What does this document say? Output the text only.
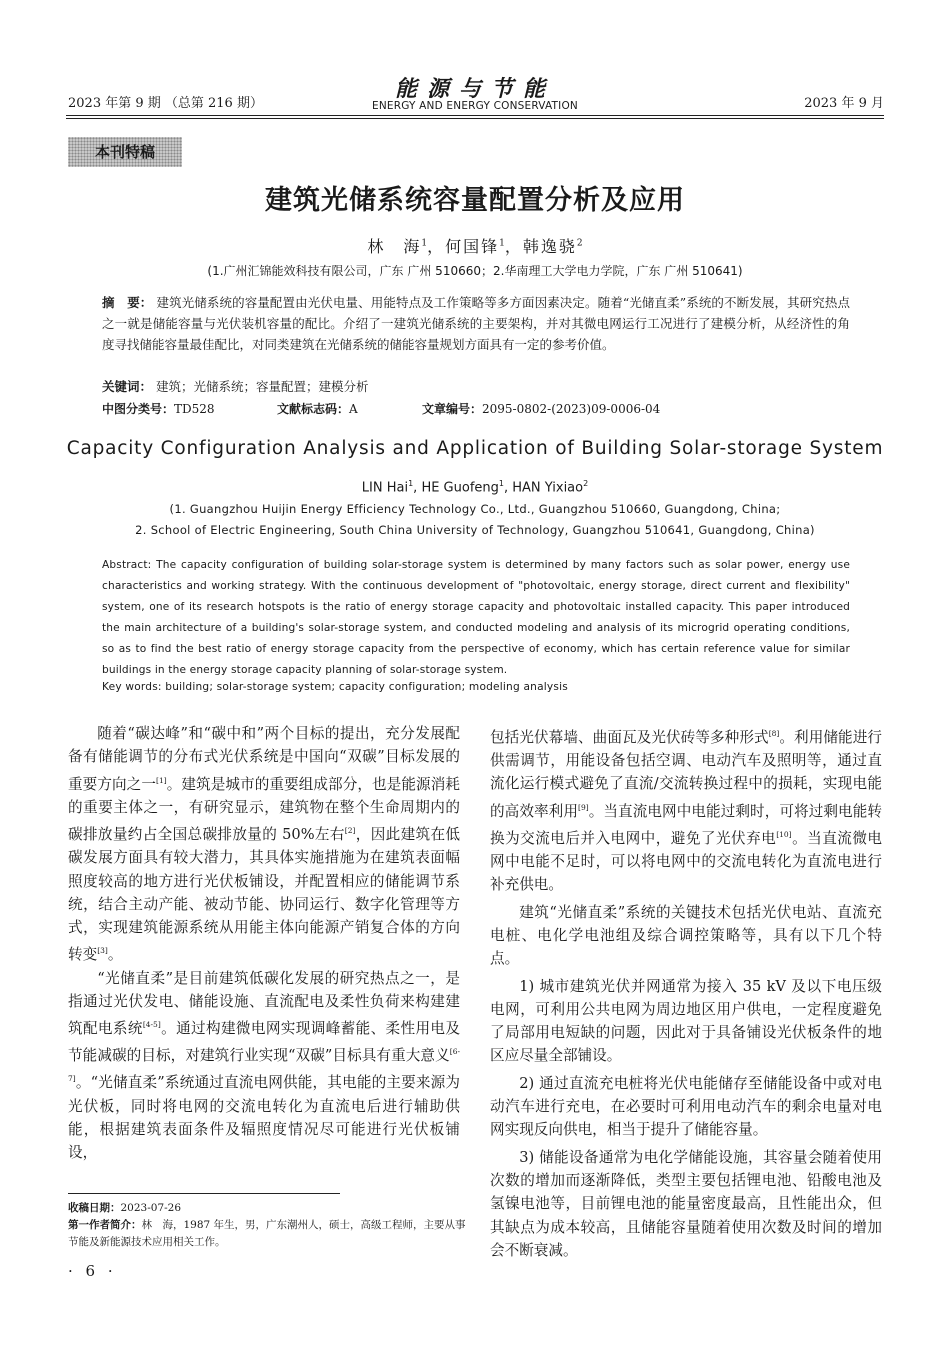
2023 年第 9 期 （总第 216 期）
能源与节能
ENERGY AND ENERGY CONSERVATION	2023 年 9 月
本刊特稿
建筑光储系统容量配置分析及应用
林　海$^1$，何国锋$^1$，韩逸骁$^2$
(1.广州汇锦能效科技有限公司，广东 广州 510660；2.华南理工大学电力学院，广东 广州 510641)
摘　要： 建筑光储系统的容量配置由光伏电量、用能特点及工作策略等多方面因素决定。随着“光储直柔”系统的不断发展，其研究热点之一就是储能容量与光伏装机容量的配比。介绍了一建筑光储系统的主要架构，并对其微电网运行工况进行了建模分析，从经济性的角度寻找储能容量最佳配比，对同类建筑在光储系统的储能容量规划方面具有一定的参考价值。
关键词： 建筑；光储系统；容量配置；建模分析
中图分类号：TD528	文献标志码：A	文章编号：2095-0802-(2023)09-0006-04
Capacity Configuration Analysis and Application of Building Solar-storage System
LIN Hai$^1$, HE Guofeng$^1$, HAN Yixiao$^2$
(1. Guangzhou Huijin Energy Efficiency Technology Co., Ltd., Guangzhou 510660, Guangdong, China;
2. School of Electric Engineering, South China University of Technology, Guangzhou 510641, Guangdong, China)
Abstract: The capacity configuration of building solar-storage system is determined by many factors such as solar power, energy use characteristics and working strategy. With the continuous development of "photovoltaic, energy storage, direct current and flexibility" system, one of its research hotspots is the ratio of energy storage capacity and photovoltaic installed capacity. This paper introduced the main architecture of a building's solar-storage system, and conducted modeling and analysis of its microgrid operating conditions, so as to find the best ratio of energy storage capacity from the perspective of economy, which has certain reference value for similar buildings in the energy storage capacity planning of solar-storage system.
Key words: building; solar-storage system; capacity configuration; modeling analysis

随着“碳达峰”和“碳中和”两个目标的提出，充分发展配备有储能调节的分布式光伏系统是中国向“双碳”目标发展的重要方向之一[1]。建筑是城市的重要组成部分，也是能源消耗的重要主体之一，有研究显示，建筑物在整个生命周期内的碳排放量约占全国总碳排放量的 50%左右[2]，因此建筑在低碳发展方面具有较大潜力，其具体实施措施为在建筑表面幅照度较高的地方进行光伏板铺设，并配置相应的储能调节系统，结合主动产能、被动节能、协同运行、数字化管理等方式，实现建筑能源系统从用能主体向能源产销复合体的方向转变[3]。

“光储直柔”是目前建筑低碳化发展的研究热点之一，是指通过光伏发电、储能设施、直流配电及柔性负荷来构建建筑配电系统[4-5]。通过构建微电网实现调峰蓄能、柔性用电及节能减碳的目标，对建筑行业实现“双碳”目标具有重大意义[6-7]。“光储直柔”系统通过直流电网供能，其电能的主要来源为光伏板，同时将电网的交流电转化为直流电后进行辅助供能，根据建筑表面条件及辐照度情况尽可能进行光伏板铺设，

包括光伏幕墙、曲面瓦及光伏砖等多种形式[8]。利用储能进行供需调节，用能设备包括空调、电动汽车及照明等，通过直流化运行模式避免了直流/交流转换过程中的损耗，实现电能的高效率利用[9]。当直流电网中电能过剩时，可将过剩电能转换为交流电后并入电网中，避免了光伏弃电[10]。当直流微电网中电能不足时，可以将电网中的交流电转化为直流电进行补充供电。

建筑“光储直柔”系统的关键技术包括光伏电站、直流充电桩、电化学电池组及综合调控策略等，具有以下几个特点。

1) 城市建筑光伏并网通常为接入 35 kV 及以下电压级电网，可利用公共电网为周边地区用户供电，一定程度避免了局部用电短缺的问题，因此对于具备铺设光伏板条件的地区应尽量全部铺设。

2) 通过直流充电桩将光伏电能储存至储能设备中或对电动汽车进行充电，在必要时可利用电动汽车的剩余电量对电网实现反向供电，相当于提升了储能容量。

3) 储能设备通常为电化学储能设施，其容量会随着使用次数的增加而逐渐降低，类型主要包括锂电池、铅酸电池及氢镍电池等，目前锂电池的能量密度最高，且性能出众，但其缺点为成本较高，且储能容量随着使用次数及时间的增加会不断衰减。

收稿日期：2023-07-26
第一作者简介：林　海，1987 年生，男，广东潮州人，硕士，高级工程师，主要从事节能及新能源技术应用相关工作。
· 6 ·
